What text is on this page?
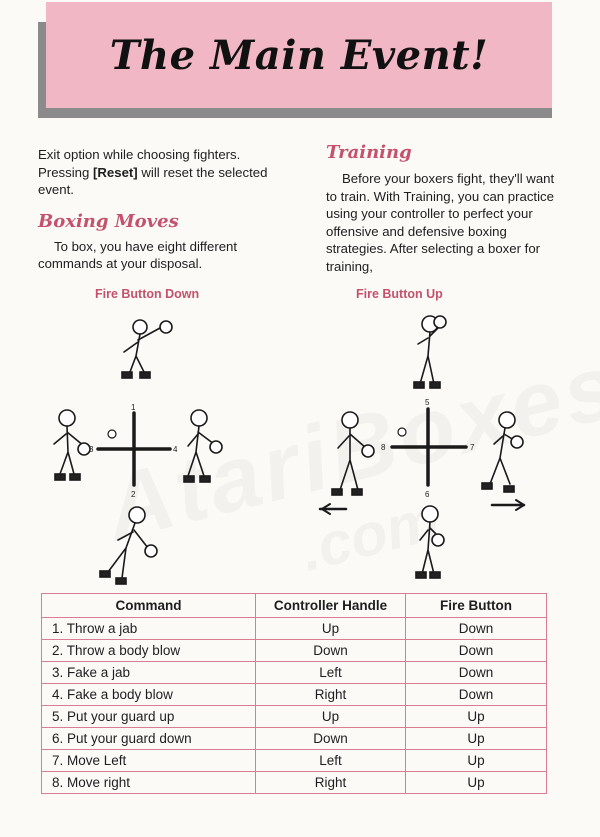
The Main Event!

Exit option while choosing fighters. Pressing [Reset] will reset the selected event.

Boxing Moves

To box, you have eight different commands at your disposal.

Training

Before your boxers fight, they'll want to train. With Training, you can practice using your controller to perfect your offensive and defensive boxing strategies. After selecting a boxer for training,

Fire Button Down	Fire Button Up
1
2
3	4
5
6
7
8
Command	Controller Handle	Fire Button
1. Throw a jab	Up	Down
2. Throw a body blow	Down	Down
3. Fake a jab	Left	Down
4. Fake a body blow	Right	Down
5. Put your guard up	Up	Up
6. Put your guard down	Down	Up
7. Move Left	Left	Up
8. Move right	Right	Up
